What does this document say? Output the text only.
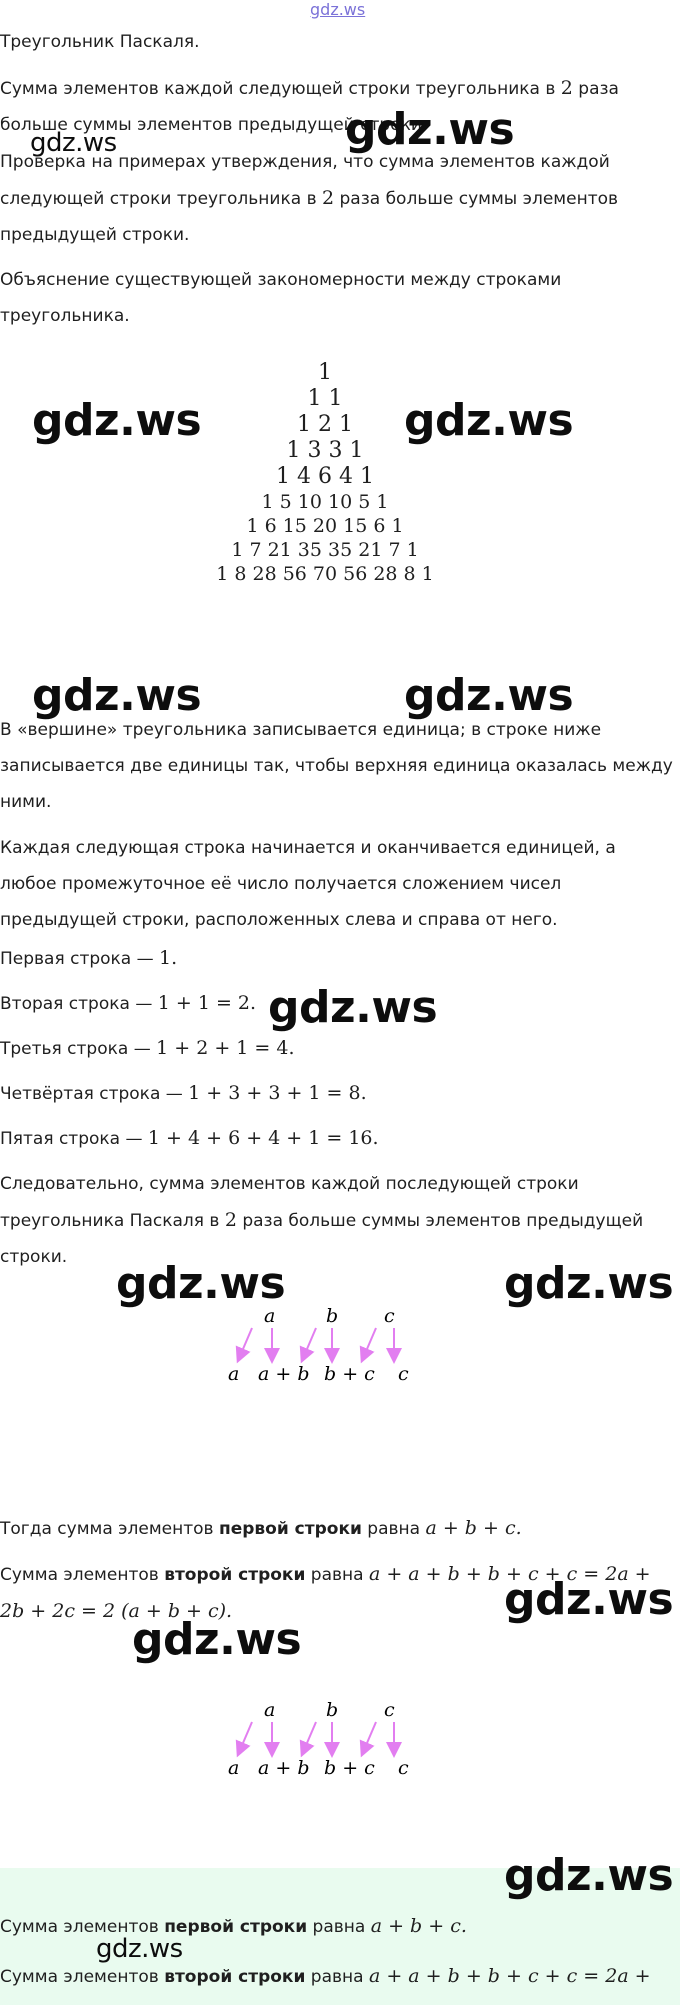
gdz.ws

Треугольник Паскаля.

Сумма элементов каждой следующей строки треугольника в 2 раза больше суммы элементов предыдущей строки.

Проверка на примерах утверждения, что сумма элементов каждой следующей строки треугольника в 2 раза больше суммы элементов предыдущей строки.

Объяснение существующей закономерности между строками треугольника.

1
1 1
1 2 1
1 3 3 1
1 4 6 4 1
1 5 10 10 5 1
1 6 15 20 15 6 1
1 7 21 35 35 21 7 1
1 8 28 56 70 56 28 8 1

В «вершине» треугольника записывается единица; в строке ниже записывается две единицы так, чтобы верхняя единица оказалась между ними.

Каждая следующая строка начинается и оканчивается единицей, а любое промежуточное её число получается сложением чисел предыдущей строки, расположенных слева и справа от него.

Первая строка — 1.

Вторая строка — 1 + 1 = 2.

Третья строка — 1 + 2 + 1 = 4.

Четвёртая строка — 1 + 3 + 3 + 1 = 8.

Пятая строка — 1 + 4 + 6 + 4 + 1 = 16.

Следовательно, сумма элементов каждой последующей строки треугольника Паскаля в 2 раза больше суммы элементов предыдущей строки.

a	b c
a a + b b + c c

Тогда сумма элементов первой строки равна a + b + c.

Сумма элементов второй строки равна a + a + b + b + c + c = 2a + 2b + 2c = 2 (a + b + c).

a	b c
a a + b b + c c

Сумма элементов первой строки равна a + b + c.

Сумма элементов второй строки равна a + a + b + b + c + c = 2a +

gdz.ws
gdz.ws
gdz.ws	gdz.ws
gdz.ws	gdz.ws
gdz.ws
gdz.ws	gdz.ws
gdz.ws
gdz.ws
gdz.ws
gdz.ws
